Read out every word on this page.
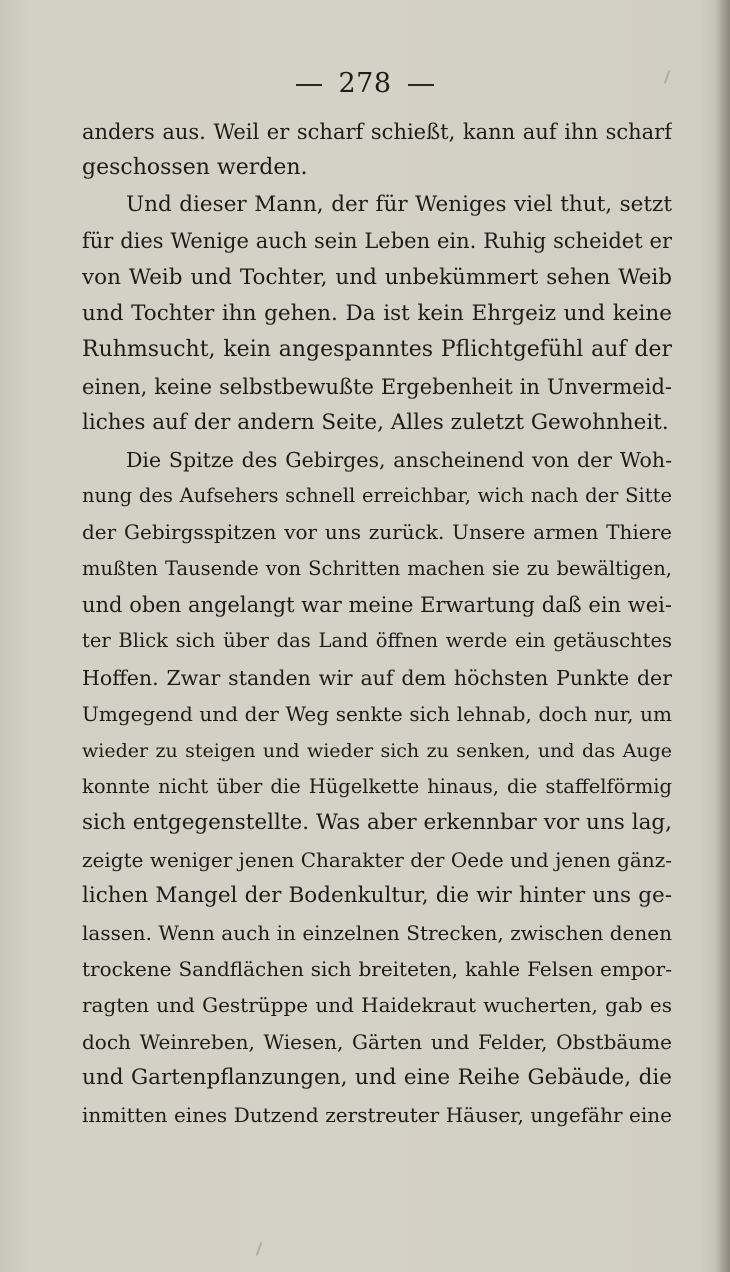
278
anders aus. Weil er scharf schießt, kann auf ihn scharf
geschossen werden.
Und dieser Mann, der für Weniges viel thut, setzt
für dies Wenige auch sein Leben ein. Ruhig scheidet er
von Weib und Tochter, und unbekümmert sehen Weib
und Tochter ihn gehen. Da ist kein Ehrgeiz und keine
Ruhmsucht, kein angespanntes Pflichtgefühl auf der
einen, keine selbstbewußte Ergebenheit in Unvermeid-
liches auf der andern Seite, Alles zuletzt Gewohnheit.
Die Spitze des Gebirges, anscheinend von der Woh-
nung des Aufsehers schnell erreichbar, wich nach der Sitte
der Gebirgsspitzen vor uns zurück. Unsere armen Thiere
mußten Tausende von Schritten machen sie zu bewältigen,
und oben angelangt war meine Erwartung daß ein wei-
ter Blick sich über das Land öffnen werde ein getäuschtes
Hoffen. Zwar standen wir auf dem höchsten Punkte der
Umgegend und der Weg senkte sich lehnab, doch nur, um
wieder zu steigen und wieder sich zu senken, und das Auge
konnte nicht über die Hügelkette hinaus, die staffelförmig
sich entgegenstellte. Was aber erkennbar vor uns lag,
zeigte weniger jenen Charakter der Oede und jenen gänz-
lichen Mangel der Bodenkultur, die wir hinter uns ge-
lassen. Wenn auch in einzelnen Strecken, zwischen denen
trockene Sandflächen sich breiteten, kahle Felsen empor-
ragten und Gestrüppe und Haidekraut wucherten, gab es
doch Weinreben, Wiesen, Gärten und Felder, Obstbäume
und Gartenpflanzungen, und eine Reihe Gebäude, die
inmitten eines Dutzend zerstreuter Häuser, ungefähr eine
